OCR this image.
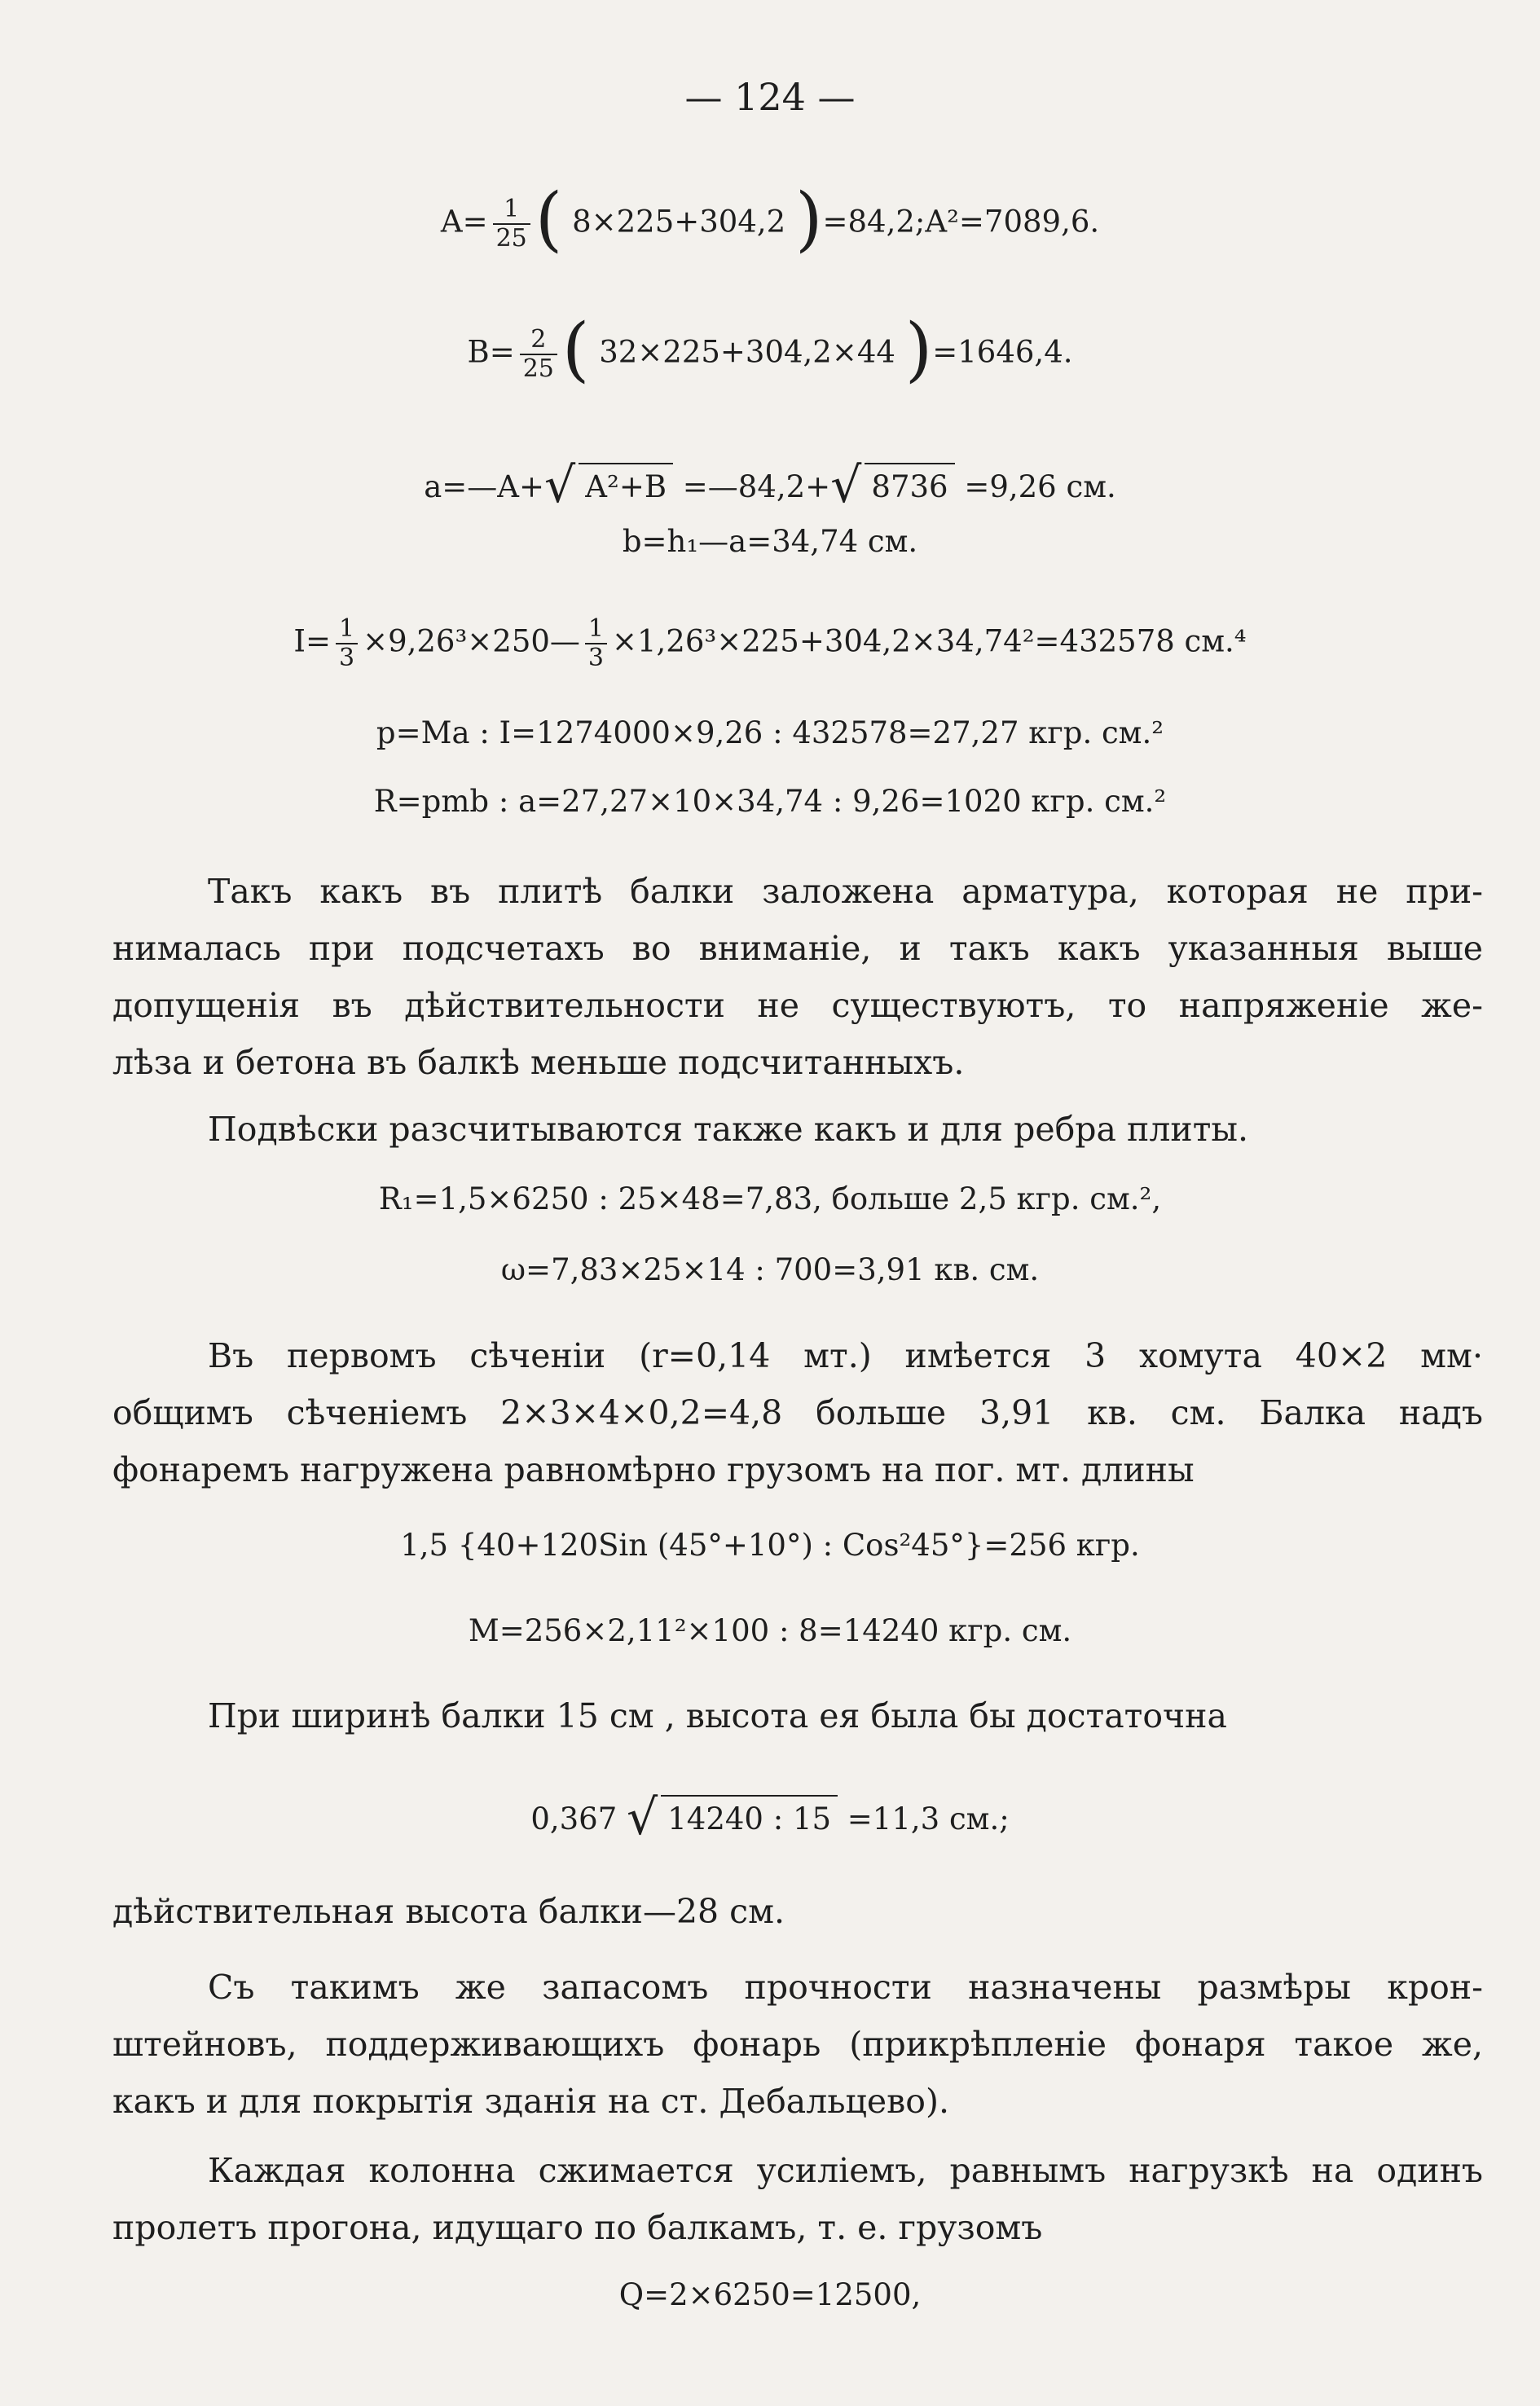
— 124 —
$A= \frac{1}{25}$ ( 8×225+304,2 )=84,2;A²=7089,6.
$B= \frac{2}{25}$ ( 32×225+304,2×44 )=1646,4.
a=—A+√ A²+B =—84,2+√ 8736 =9,26 см.
b=h₁—a=34,74 см.
$I= \frac{1}{3}$ ×9,26³×250— $\frac{1}{3} \times 1,26^3\times 225+304,2\times 34,74^2=432578$ см.⁴
p=Ma : I=1274000×9,26 : 432578=27,27 кгр. см.²
R=pmb : a=27,27×10×34,74 : 9,26=1020 кгр. см.²
Такъ какъ въ плитѣ балки заложена арматура, которая не при-
нималась при подсчетахъ во вниманіе, и такъ какъ указанныя выше
допущенія въ дѣйствительности не существуютъ, то напряженіе же-
лѣза и бетона въ балкѣ меньше подсчитанныхъ.
Подвѣски разсчитываются также какъ и для ребра плиты.
R₁=1,5×6250 : 25×48=7,83, больше 2,5 кгр. см.²,
ω=7,83×25×14 : 700=3,91 кв. см.
Въ первомъ сѣченіи (r=0,14 мт.) имѣется 3 хомута 40×2 мм·
общимъ сѣченіемъ 2×3×4×0,2=4,8 больше 3,91 кв. см. Балка надъ
фонаремъ нагружена равномѣрно грузомъ на пог. мт. длины
1,5 {40+120Sin (45°+10°) : Cos²45°}=256 кгр.
M=256×2,11²×100 : 8=14240 кгр. см.
При ширинѣ балки 15 см , высота ея была бы достаточна
0,367 √ 14240 : 15 =11,3 см.;
дѣйствительная высота балки—28 см.
Съ такимъ же запасомъ прочности назначены размѣры крон-
штейновъ, поддерживающихъ фонарь (прикрѣпленіе фонаря такое же,
какъ и для покрытія зданія на ст. Дебальцево).
Каждая колонна сжимается усиліемъ, равнымъ нагрузкѣ на одинъ
пролетъ прогона, идущаго по балкамъ, т. е. грузомъ
Q=2×6250=12500,
